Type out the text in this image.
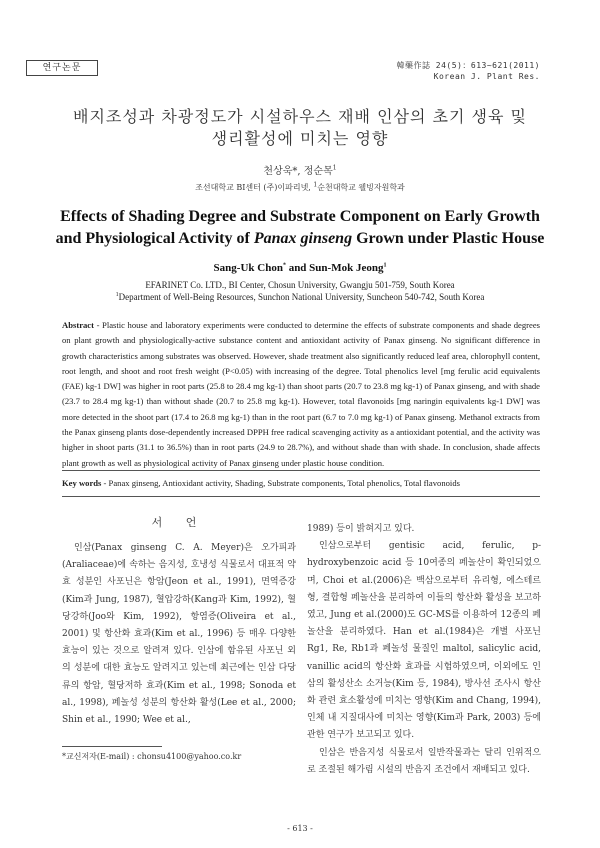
연구논문	韓藥作誌 24(5)：613~621(2011)
Korean J. Plant Res.
배지조성과 차광정도가 시설하우스 재배 인삼의 초기 생육 및
생리활성에 미치는 영향
천상욱*, 정순목$^1$
조선대학교 BI센터 (주)이파리넷, $^1$순천대학교 웰빙자원학과
Effects of Shading Degree and Substrate Component on Early Growth
and Physiological Activity of Panax ginseng Grown under Plastic House
Sang-Uk Chon* and Sun-Mok Jeong$^1$
EFARINET Co. LTD., BI Center, Chosun University, Gwangju 501-759, South Korea
$^1$Department of Well-Being Resources, Sunchon National University, Suncheon 540-742, South Korea
Abstract - Plastic house and laboratory experiments were conducted to determine the effects of substrate components and shade degrees on plant growth and physiologically-active substance content and antioxidant activity of Panax ginseng. No significant difference in growth characteristics among substrates was observed. However, shade treatment also significantly reduced leaf area, chlorophyll content, root length, and shoot and root fresh weight (P<0.05) with increasing of the degree. Total phenolics level [mg ferulic acid equivalents (FAE) kg-1 DW] was higher in root parts (25.8 to 28.4 mg kg-1) than shoot parts (20.7 to 23.8 mg kg-1) of Panax ginseng, and with shade (23.7 to 28.4 mg kg-1) than without shade (20.7 to 25.8 mg kg-1). However, total flavonoids [mg naringin equivalents kg-1 DW] was more detected in the shoot part (17.4 to 26.8 mg kg-1) than in the root part (6.7 to 7.0 mg kg-1) of Panax ginseng. Methanol extracts from the Panax ginseng plants dose-dependently increased DPPH free radical scavenging activity as a antioxidant potential, and the activity was higher in shoot parts (31.1 to 36.5%) than in root parts (24.9 to 28.7%), and without shade than with shade. In conclusion, shade affects plant growth as well as physiological activity of Panax ginseng under plastic house condition.
Key words - Panax ginseng, Antioxidant activity, Shading, Substrate components, Total phenolics, Total flavonoids
서 언

인삼(Panax ginseng C. A. Meyer)은 오가피과(Araliaceae)에 속하는 음지성, 호냉성 식물로서 대표적 약효 성분인 사포닌은 항암(Jeon et al., 1991), 면역증강(Kim과 Jung, 1987), 혈압강하(Kang과 Kim, 1992), 혈당강하(Joo와 Kim, 1992), 항염증(Oliveira et al., 2001) 및 항산화 효과(Kim et al., 1996) 등 매우 다양한 효능이 있는 것으로 알려져 있다. 인삼에 함유된 사포닌 외의 성분에 대한 효능도 알려지고 있는데 최근에는 인삼 다당류의 항암, 혈당저하 효과(Kim et al., 1998; Sonoda et al., 1998), 페놀성 성분의 항산화 활성(Lee et al., 2000; Shin et al., 1990; Wee et al.,

1989) 등이 밝혀지고 있다.

인삼으로부터 gentisic acid, ferulic, p-hydroxybenzoic acid 등 10여종의 페놀산이 확인되었으며, Choi et al.(2006)은 백삼으로부터 유리형, 에스테르형, 결합형 페놀산을 분리하여 이들의 항산화 활성을 보고하였고, Jung et al.(2000)도 GC-MS를 이용하여 12종의 페놀산을 분리하였다. Han et al.(1984)은 개별 사포닌 Rg1, Re, Rb1과 페놀성 물질인 maltol, salicylic acid, vanillic acid의 항산화 효과를 시험하였으며, 이외에도 인삼의 활성산소 소거능(Kim 등, 1984), 방사선 조사시 항산화 관련 효소활성에 미치는 영향(Kim and Chang, 1994), 인체 내 지질대사에 미치는 영향(Kim과 Park, 2003) 등에 관한 연구가 보고되고 있다.

인삼은 반음지성 식물로서 일반작물과는 달리 인위적으로 조절된 해가림 시설의 반음지 조건에서 재배되고 있다.

*교신저자(E-mail) : chonsu4100@yahoo.co.kr
- 613 -
